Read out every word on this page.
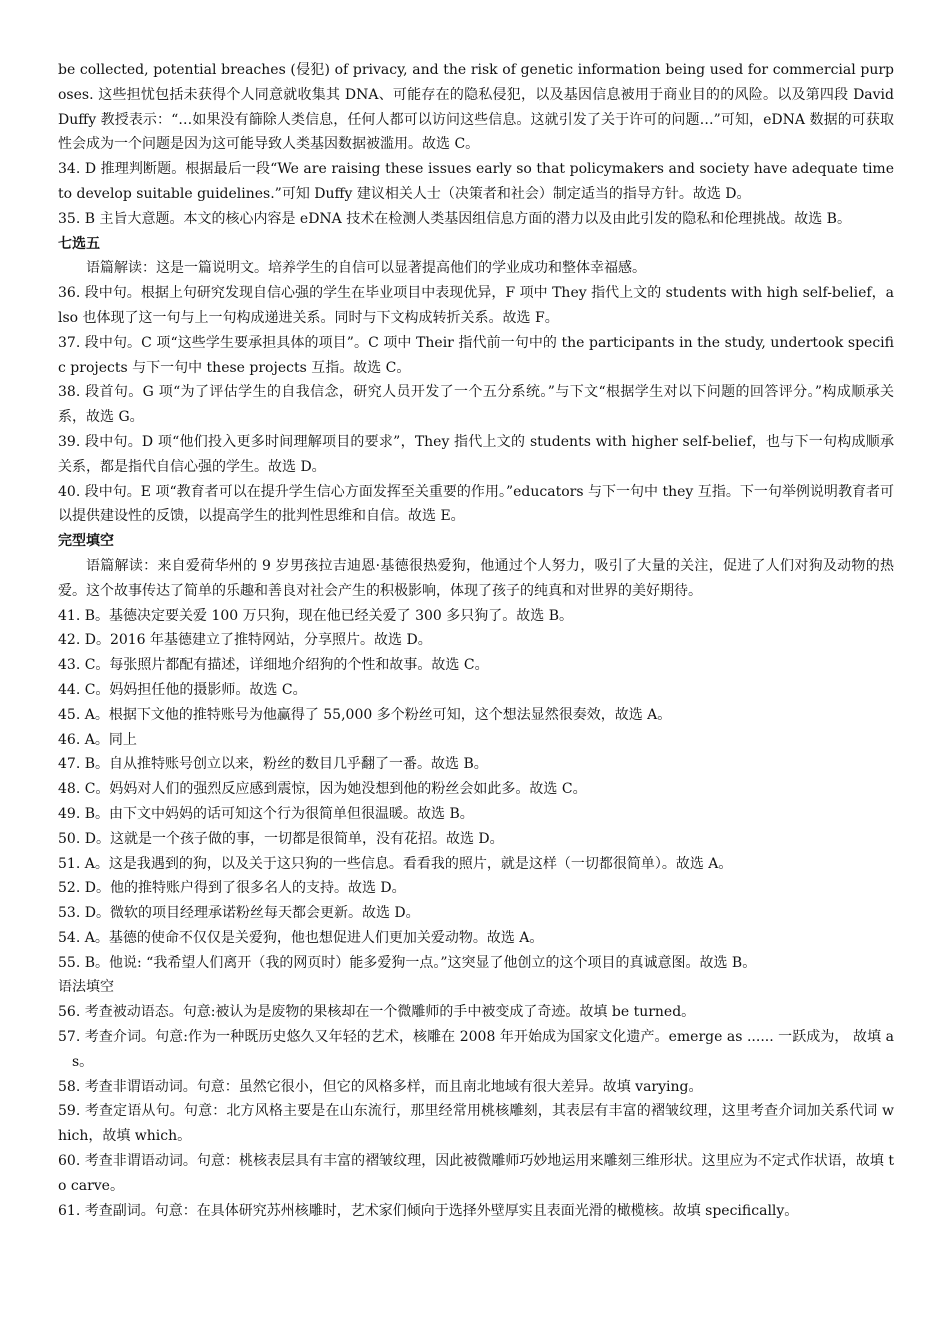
be collected, potential breaches (侵犯) of privacy, and the risk of genetic information being used for commercial purposes. 这些担忧包括未获得个人同意就收集其 DNA、可能存在的隐私侵犯，以及基因信息被用于商业目的的风险。以及第四段 David Duffy 教授表示：“…如果没有篩除人类信息，任何人都可以访问这些信息。这就引发了关于许可的问题…”可知，eDNA 数据的可获取性会成为一个问题是因为这可能导致人类基因数据被滥用。故选 C。

34. D 推理判断题。根据最后一段“We are raising these issues early so that policymakers and society have adequate time to develop suitable guidelines.”可知 Duffy 建议相关人士（决策者和社会）制定适当的指导方针。故选 D。

35. B 主旨大意题。本文的核心内容是 eDNA 技术在检测人类基因组信息方面的潜力以及由此引发的隐私和伦理挑战。故选 B。

七选五

语篇解读：这是一篇说明文。培养学生的自信可以显著提高他们的学业成功和整体幸福感。

36. 段中句。根据上句研究发现自信心强的学生在毕业项目中表现优异，F 项中 They 指代上文的 students with high self-belief，also 也体现了这一句与上一句构成递进关系。同时与下文构成转折关系。故选 F。

37. 段中句。C 项“这些学生要承担具体的项目”。C 项中 Their 指代前一句中的 the participants in the study, undertook specific projects 与下一句中 these projects 互指。故选 C。

38. 段首句。G 项“为了评估学生的自我信念，研究人员开发了一个五分系统。”与下文“根据学生对以下问题的回答评分。”构成顺承关系，故选 G。

39. 段中句。D 项“他们投入更多时间理解项目的要求”，They 指代上文的 students with higher self-belief，也与下一句构成顺承关系，都是指代自信心强的学生。故选 D。

40. 段中句。E 项“教育者可以在提升学生信心方面发挥至关重要的作用。”educators 与下一句中 they 互指。下一句举例说明教育者可以提供建设性的反馈，以提高学生的批判性思维和自信。故选 E。

完型填空

语篇解读：来自爱荷华州的 9 岁男孩拉吉迪恩·基德很热爱狗，他通过个人努力，吸引了大量的关注，促进了人们对狗及动物的热爱。这个故事传达了简单的乐趣和善良对社会产生的积极影响，体现了孩子的纯真和对世界的美好期待。

41. B。基德决定要关爱 100 万只狗，现在他已经关爱了 300 多只狗了。故选 B。

42. D。2016 年基德建立了推特网站，分享照片。故选 D。

43. C。每张照片都配有描述，详细地介绍狗的个性和故事。故选 C。

44. C。妈妈担任他的摄影师。故选 C。

45. A。根据下文他的推特账号为他赢得了 55,000 多个粉丝可知，这个想法显然很奏效，故选 A。

46. A。同上

47. B。自从推特账号创立以来，粉丝的数目几乎翻了一番。故选 B。

48. C。妈妈对人们的强烈反应感到震惊，因为她没想到他的粉丝会如此多。故选 C。

49. B。由下文中妈妈的话可知这个行为很简单但很温暖。故选 B。

50. D。这就是一个孩子做的事，一切都是很简单，没有花招。故选 D。

51. A。这是我遇到的狗，以及关于这只狗的一些信息。看看我的照片，就是这样（一切都很简单）。故选 A。

52. D。他的推特账户得到了很多名人的支持。故选 D。

53. D。微软的项目经理承诺粉丝每天都会更新。故选 D。

54. A。基德的使命不仅仅是关爱狗，他也想促进人们更加关爱动物。故选 A。

55. B。他说: “我希望人们离开（我的网页时）能多爱狗一点。”这突显了他创立的这个项目的真诚意图。故选 B。

语法填空

56. 考查被动语态。句意:被认为是废物的果核却在一个微雕师的手中被变成了奇迹。故填 be turned。

57. 考查介词。句意:作为一种既历史悠久又年轻的艺术，核雕在 2008 年开始成为国家文化遗产。emerge as ...... 一跃成为， 故填 as。

58. 考查非谓语动词。句意：虽然它很小，但它的风格多样，而且南北地域有很大差异。故填 varying。

59. 考查定语从句。句意：北方风格主要是在山东流行，那里经常用桃核雕刻，其表层有丰富的褶皱纹理，这里考查介词加关系代词 which，故填 which。

60. 考查非谓语动词。句意：桃核表层具有丰富的褶皱纹理，因此被微雕师巧妙地运用来雕刻三维形状。这里应为不定式作状语，故填 to carve。

61. 考查副词。句意：在具体研究苏州核雕时，艺术家们倾向于选择外壁厚实且表面光滑的橄榄核。故填 specifically。
